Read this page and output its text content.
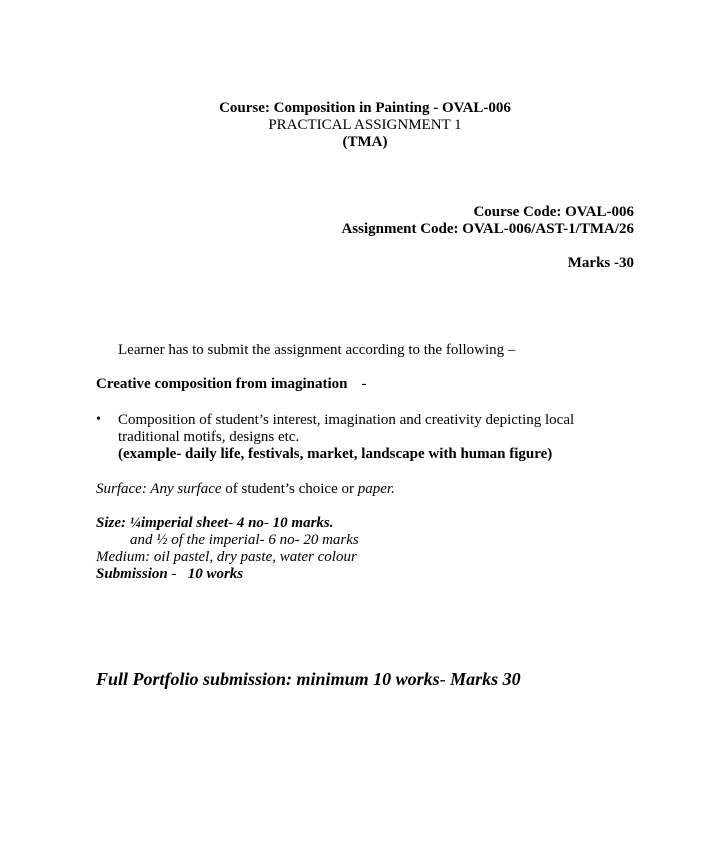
Course: Composition in Painting - OVAL-006
PRACTICAL ASSIGNMENT 1
(TMA)
Course Code: OVAL-006
Assignment Code: OVAL-006/AST-1/TMA/26
Marks -30
Learner has to submit the assignment according to the following –
Creative composition from imagination -
• Composition of student’s interest, imagination and creativity depicting local
traditional motifs, designs etc.
(example- daily life, festivals, market, landscape with human figure)
Surface: Any surface of student’s choice or paper.
Size: ¼imperial sheet- 4 no- 10 marks.
and ½ of the imperial- 6 no- 20 marks
Medium: oil pastel, dry paste, water colour
Submission -   10 works
Full Portfolio submission: minimum 10 works- Marks 30
